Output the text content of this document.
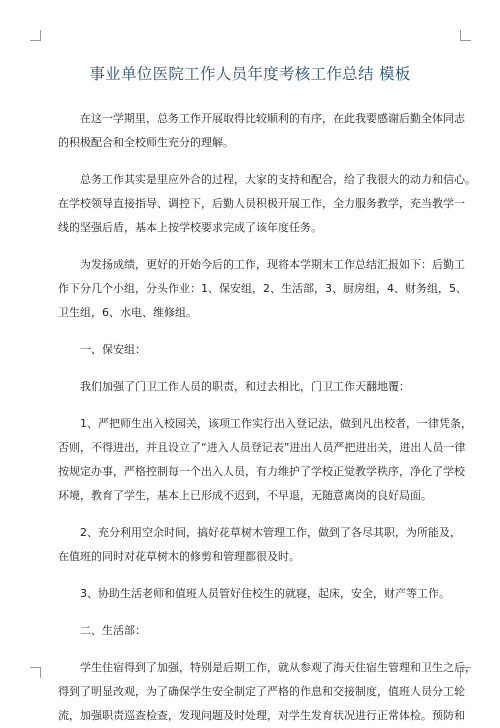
事业单位医院工作人员年度考核工作总结 模板
在这一学期里，总务工作开展取得比较顺利的有序，在此我要感谢后勤全体同志
的积极配合和全校师生充分的理解。
总务工作其实是里应外合的过程，大家的支持和配合，给了我很大的动力和信心。
在学校领导直接指导、调控下，后勤人员积极开展工作，全力服务教学，充当教学一
线的坚强后盾，基本上按学校要求完成了该年度任务。
为发扬成绩，更好的开始今后的工作，现将本学期末工作总结汇报如下：后勤工
作下分几个小组，分头作业：1、保安组，2、生活部，3、厨房组，4、财务组，5、
卫生组，6、水电、维修组。
一、保安组：
我们加强了门卫工作人员的职责，和过去相比，门卫工作天翻地覆：
1、严把师生出入校园关，该项工作实行出入登记法，做到凡出校者，一律凭条，
否则，不得进出，并且设立了“进入人员登记表”进出人员严把进出关，进出人员一律
按规定办事，严格控制每一个出入人员，有力维护了学校正觉教学秩序，净化了学校
环境，教育了学生，基本上已形成不迟到，不早退，无随意离岗的良好局面。
2、充分利用空余时间，搞好花草树木管理工作，做到了各尽其职，为所能及，
在值班的同时对花草树木的修剪和管理都很及时。
3、协助生活老师和值班人员管好住校生的就寝，起床，安全，财产等工作。
二、生活部：
学生住宿得到了加强，特别是后期工作，就从参观了海天住宿生管理和卫生之后，
得到了明显改观，为了确保学生安全制定了严格的作息和交接制度，值班人员分工轮
流，加强职责巡查检查，发现问题及时处理，对学生发育状况进行正常体检。预防和
